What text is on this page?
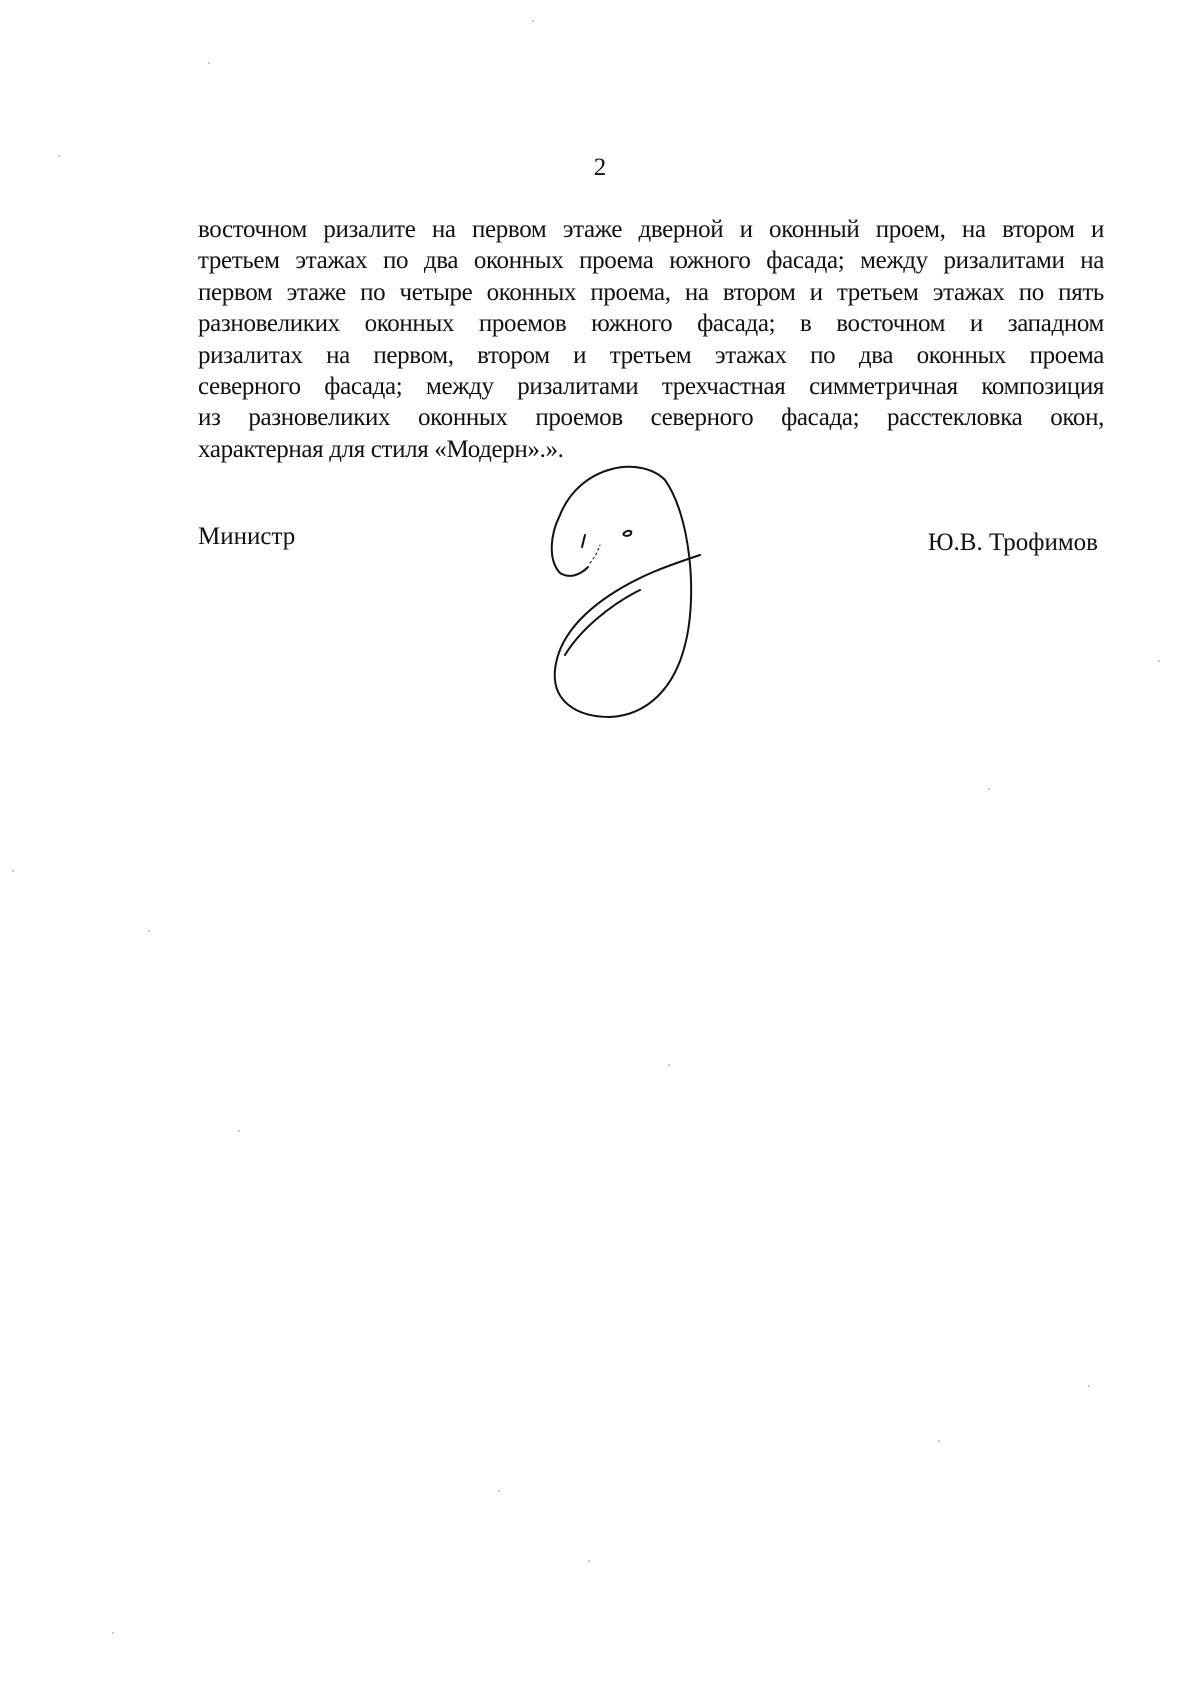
2
восточном ризалите на первом этаже дверной и оконный проем, на втором и
третьем этажах по два оконных проема южного фасада; между ризалитами на
первом этаже по четыре оконных проема, на втором и третьем этажах по пять
разновеликих оконных проемов южного фасада; в восточном и западном
ризалитах на первом, втором и третьем этажах по два оконных проема
северного фасада; между ризалитами трехчастная симметричная композиция
из разновеликих оконных проемов северного фасада; расстекловка окон,
характерная для стиля «Модерн».».
Министр	Ю.В. Трофимов
